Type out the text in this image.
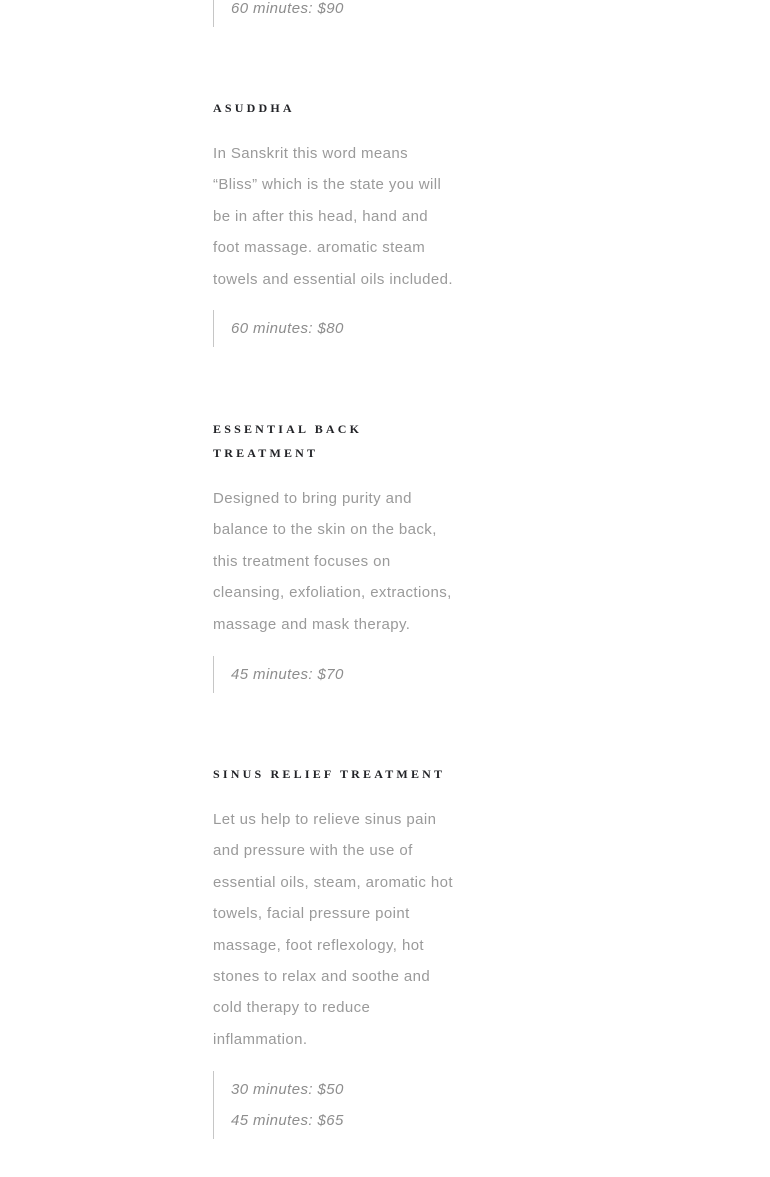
60 minutes: $90
ASUDDHA
In Sanskrit this word means
“Bliss” which is the state you will
be in after this head, hand and
foot massage. aromatic steam
towels and essential oils included.
60 minutes: $80
ESSENTIAL BACK
TREATMENT
Designed to bring purity and
balance to the skin on the back,
this treatment focuses on
cleansing, exfoliation, extractions,
massage and mask therapy.
45 minutes: $70
SINUS RELIEF TREATMENT
Let us help to relieve sinus pain
and pressure with the use of
essential oils, steam, aromatic hot
towels, facial pressure point
massage, foot reflexology, hot
stones to relax and soothe and
cold therapy to reduce
inflammation.
30 minutes: $50
45 minutes: $65
